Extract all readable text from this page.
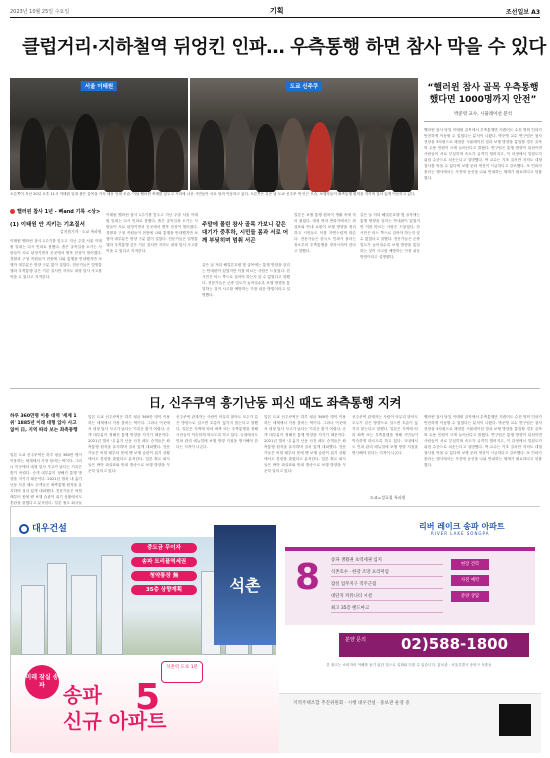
2023년 10월 25일 수요일	기획	조선일보 A3
클럽거리·지하철역 뒤엉킨 인파… 우측통행 하면 참사 막을 수 있다
서울 이태원	도쿄 신주쿠
오른쪽이 지난 20일 오후 11시 이태원 일대 좁은 골목을 가득 메운 인파 모습. 이날 핼러윈 축제를 앞두고 거리에 나선 시민들이 서로 엉켜 이동하고 있다. 오른쪽은 같은 날 도쿄 신주쿠 역 인근 모습. 보행자들이 좌측통행 원칙을 지키며 질서 있게 이동하고 있다.
“핼러윈 참사 골목 우측통행 했다면 1000명까지 안전”
박준영 교수, 시뮬레이션 분석
핼러윈 참사 당일 이태원 골목에서 우측통행만 지켰어도 수천 명의 인파가 안전하게 이동할 수 있었다는 분석이 나왔다. 박준영 교수 연구팀은 참사 현장을 3차원으로 재현한 시뮬레이션 결과 보행 방향을 통일할 경우 골목의 수용 인원이 크게 늘어난다고 밝혔다. 연구팀은 통행 방향이 뒤섞이면 사람들이 서로 부딪히며 속도가 급격히 떨어지고, 이 과정에서 밀집도가 위험 수준으로 치솟는다고 설명했다. 박 교수는 기초 질서만 지켜도 대형 참사를 막을 수 있다며 보행 문화 개선이 시급하다고 강조했다. 또 인파가 몰리는 행사에서는 사전에 동선을 나눠 안내하는 체계가 필요하다고 덧붙였다.
핼러윈 참사 1년 - 뼈аnd 기록 <상>
(1) 이태원 안 지키는 기초질서
김지원기자 · 도쿄 특파원
이태원 핼러윈 참사 1주기를 앞두고 지난 주말 서울 이태원 일대는 다시 인파로 붐볐다. 좁은 골목길을 오가는 사람들이 서로 뒤엉키면서 곳곳에서 병목 현상이 벌어졌다. 경찰과 구청 직원들이 현장에 나와 통행을 안내했지만 보행자 대부분은 방향 구분 없이 걸었다. 전문가들은 일방통행과 우측통행 같은 기본 질서만 지켜도 대형 압사 사고를 막을 수 있다고 지적한다.
이태원 핼러윈 참사 1주기를 앞두고 지난 주말 서울 이태원 일대는 다시 인파로 붐볐다. 좁은 골목길을 오가는 사람들이 서로 뒤엉키면서 곳곳에서 병목 현상이 벌어졌다. 경찰과 구청 직원들이 현장에 나와 통행을 안내했지만 보행자 대부분은 방향 구분 없이 걸었다. 전문가들은 일방통행과 우측통행 같은 기본 질서만 지켜도 대형 압사 사고를 막을 수 있다고 지적한다.
주말에 몰린 참사 골목 가보니 같은 대기가 중후하, 시민들 몸과 서로 어깨 부딪히며 멈춰 서곤
같은 날 저녁 해밀톤호텔 옆 골목에는 통행 방향을 알리는 안내판이 있었지만 이를 따르는 사람은 드물었다. 한 시민은 어느 쪽으로 걸어야 하는지 알 수 없었다고 말했다. 전문가들은 군중 밀도가 높아질수록 보행 방향을 통일하는 것이 사고를 예방하는 가장 쉬운 방법이라고 설명했다.
일본은 보행 통행 원칙이 생활 속에 자리 잡았다. 대형 역과 번화가에서는 화살표와 안내 요원이 보행 방향을 정리하고 시민들도 이를 자연스럽게 따른다. 전문가들은 한국도 인파가 몰리는 장소부터 우측통행을 정착시켜야 한다고 말했다.
같은 날 저녁 해밀톤호텔 옆 골목에는 통행 방향을 알리는 안내판이 있었지만 이를 따르는 사람은 드물었다. 한 시민은 어느 쪽으로 걸어야 하는지 알 수 없었다고 말했다. 전문가들은 군중 밀도가 높아질수록 보행 방향을 통일하는 것이 사고를 예방하는 가장 쉬운 방법이라고 설명했다.
日, 신주쿠역 흥기난동 피신 때도 좌측통행 지켜
하루 360만명 이용 대역 '세계 1위' 1885년 이래 대형 압사 사고 없어 日, 지역 따라 보는 좌측통행
일본 도쿄 신주쿠역은 하루 평균 360만 명이 이용하는 세계에서 가장 붐비는 역이다. 그러나 이곳에서 대형 압사 사고가 났다는 기록은 찾기 어렵다. 승객 대부분이 정해진 통행 방향을 지키기 때문이다. 2021년 열차 내 흉기 난동 사건 때도 승객들은 좌측통행 원칙을 유지하며 질서 있게 대피했다. 전문가들은 어릴 때부터 몸에 밴 보행 습관이 위기 상황에서도 혼란을 줄였다고 분석한다. 일본 철도 회사들
일본 도쿄 신주쿠역은 하루 평균 360만 명이 이용하는 세계에서 가장 붐비는 역이다. 그러나 이곳에서 대형 압사 사고가 났다는 기록은 찾기 어렵다. 승객 대부분이 정해진 통행 방향을 지키기 때문이다. 2021년 열차 내 흉기 난동 사건 때도 승객들은 좌측통행 원칙을 유지하며 질서 있게 대피했다. 전문가들은 어릴 때부터 몸에 밴 보행 습관이 위기 상황에서도 혼란을 줄였다고 분석한다. 일본 철도 회사들은 바닥 화살표와 안내 방송으로 보행 방향을 꾸준히 알리고 있다.
신주쿠역 관계자는 사람이 아무리 많아도 모두가 같은 방향으로 걸으면 흐름이 끊기지 않는다고 말했다. 일본은 지역에 따라 좌측 또는 우측통행을 정해 시민들이 익숙하게 따르도록 하고 있다. 국내에서도 인파 관리 매뉴얼에 보행 방향 지침을 명시해야 한다는 지적이 나온다.
일본 도쿄 신주쿠역은 하루 평균 360만 명이 이용하는 세계에서 가장 붐비는 역이다. 그러나 이곳에서 대형 압사 사고가 났다는 기록은 찾기 어렵다. 승객 대부분이 정해진 통행 방향을 지키기 때문이다. 2021년 열차 내 흉기 난동 사건 때도 승객들은 좌측통행 원칙을 유지하며 질서 있게 대피했다. 전문가들은 어릴 때부터 몸에 밴 보행 습관이 위기 상황에서도 혼란을 줄였다고 분석한다. 일본 철도 회사들은 바닥 화살표와 안내 방송으로 보행 방향을 꾸준히 알리고 있다.
신주쿠역 관계자는 사람이 아무리 많아도 모두가 같은 방향으로 걸으면 흐름이 끊기지 않는다고 말했다. 일본은 지역에 따라 좌측 또는 우측통행을 정해 시민들이 익숙하게 따르도록 하고 있다. 국내에서도 인파 관리 매뉴얼에 보행 방향 지침을 명시해야 한다는 지적이 나온다.
도쿄=성호철 특파원
핼러윈 참사 당일 이태원 골목에서 우측통행만 지켰어도 수천 명의 인파가 안전하게 이동할 수 있었다는 분석이 나왔다. 박준영 교수 연구팀은 참사 현장을 3차원으로 재현한 시뮬레이션 결과 보행 방향을 통일할 경우 골목의 수용 인원이 크게 늘어난다고 밝혔다. 연구팀은 통행 방향이 뒤섞이면 사람들이 서로 부딪히며 속도가 급격히 떨어지고, 이 과정에서 밀집도가 위험 수준으로 치솟는다고 설명했다. 박 교수는 기초 질서만 지켜도 대형 참사를 막을 수 있다며 보행 문화 개선이 시급하다고 강조했다. 또 인파가 몰리는 행사에서는 사전에 동선을 나눠 안내하는 체계가 필요하다고 덧붙였다.
대우건설
중도금 무이자
송파 트리플역세권
청약통장 無
35층 상향계획	석촌
미래 잠실 송파 송파 5
신규 아파트
석촌역 도보 1분
리버 레이크 송파 아파트
RIVER LAKE SONGPA
8 송파 생활권 초역세권 입지
석촌호수 · 한강 조망 프리미엄
잠실 업무지구 직주근접
대단지 커뮤니티 시설
최고 35층 랜드마크
현장 견학
사전 예약
분양 상담
분양 문의 02)588-1800
본 광고는 소비자의 이해를 돕기 위한 것으로 실제와 다를 수 있습니다. 홍보관 : 서울특별시 송파구 석촌동
지역주택조합 추진위원회 · 시행 대우건설 · 홍보관 운영 중
